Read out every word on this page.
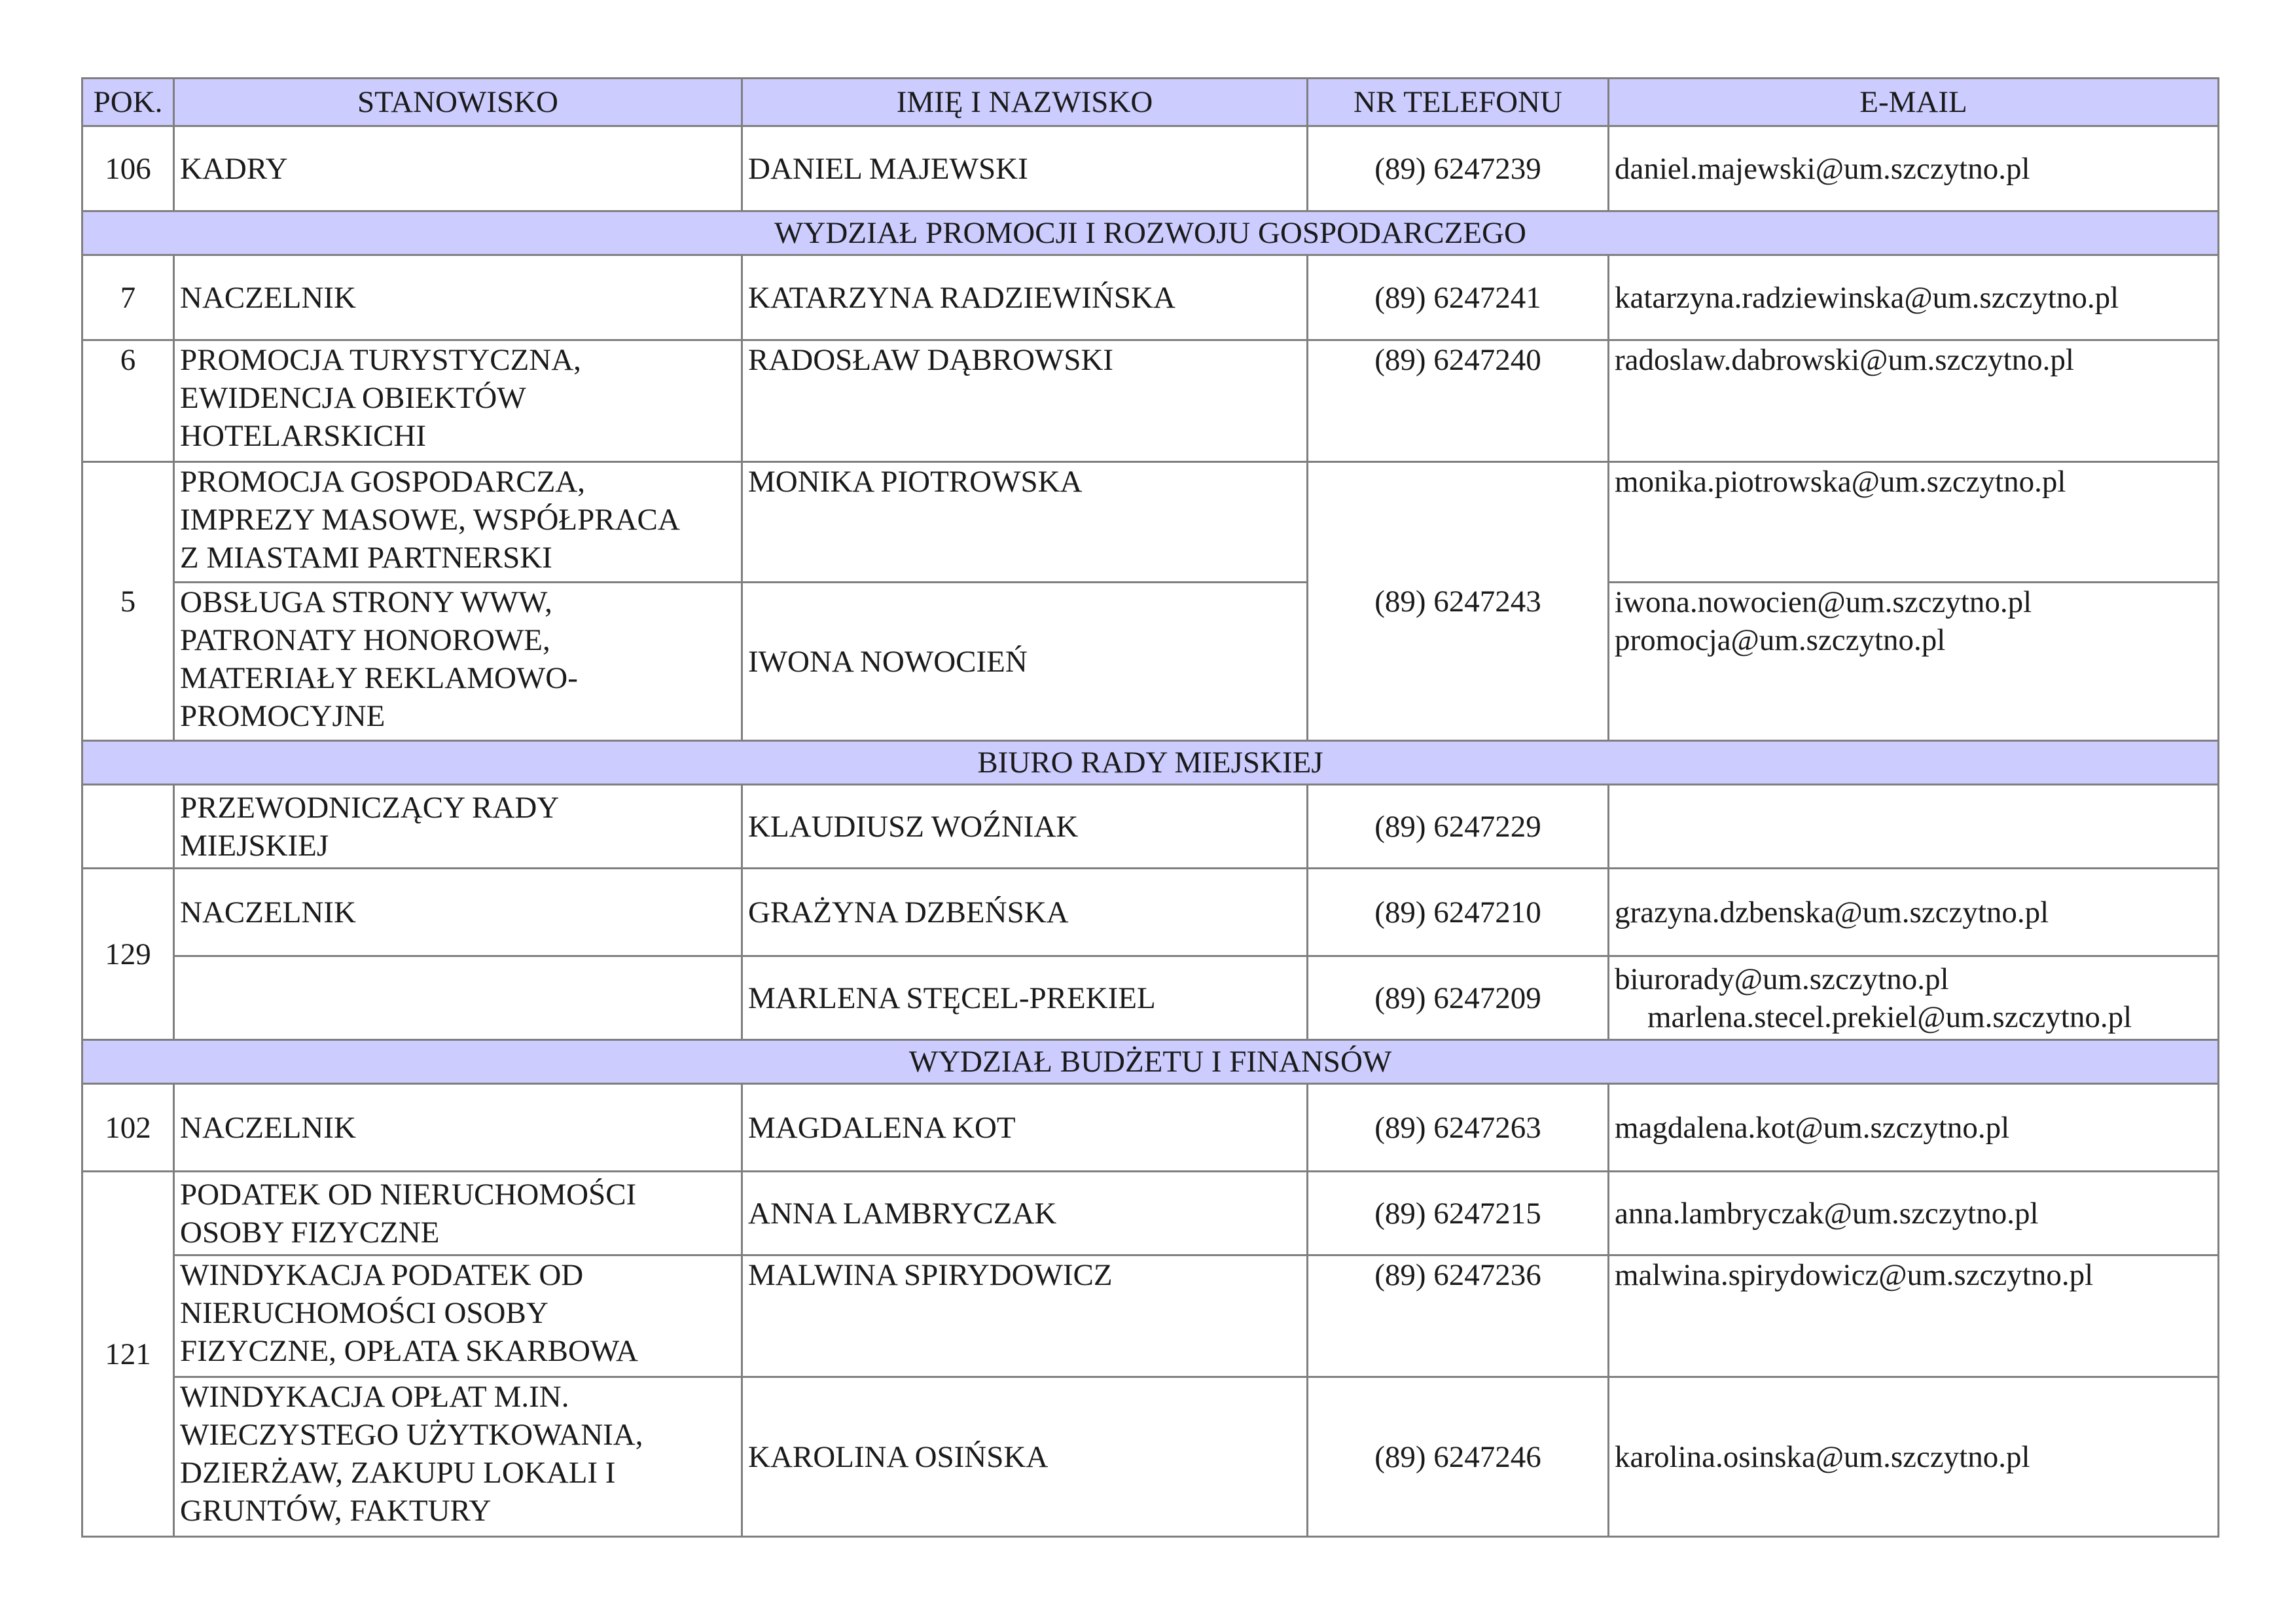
POK.	STANOWISKO	IMIĘ I NAZWISKO	NR TELEFONU	E-MAIL
106	KADRY	DANIEL MAJEWSKI	(89) 6247239	daniel.majewski@um.szczytno.pl
WYDZIAŁ PROMOCJI I ROZWOJU GOSPODARCZEGO				
7	NACZELNIK	KATARZYNA RADZIEWIŃSKA	(89) 6247241	katarzyna.radziewinska@um.szczytno.pl
6	PROMOCJA TURYSTYCZNA,
EWIDENCJA OBIEKTÓW
HOTELARSKICHI	RADOSŁAW DĄBROWSKI	(89) 6247240	radoslaw.dabrowski@um.szczytno.pl
5	PROMOCJA GOSPODARCZA,
IMPREZY MASOWE, WSPÓŁPRACA
Z MIASTAMI PARTNERSKI	MONIKA PIOTROWSKA	(89) 6247243	monika.piotrowska@um.szczytno.pl

	OBSŁUGA STRONY WWW,
PATRONATY HONOROWE,
MATERIAŁY REKLAMOWO-
PROMOCYJNE	IWONA NOWOCIEŃ		iwona.nowocien@um.szczytno.pl
promocja@um.szczytno.pl

BIURO RADY MIEJSKIEJ				

	PRZEWODNICZĄCY RADY
MIEJSKIEJ	KLAUDIUSZ WOŹNIAK	(89) 6247229	
129	NACZELNIK	GRAŻYNA DZBEŃSKA	(89) 6247210	grazyna.dzbenska@um.szczytno.pl
		MARLENA STĘCEL-PREKIEL	(89) 6247209	biurorady@um.szczytno.pl
marlena.stecel.prekiel@um.szczytno.pl

WYDZIAŁ BUDŻETU I FINANSÓW				
102	NACZELNIK	MAGDALENA KOT	(89) 6247263	magdalena.kot@um.szczytno.pl
121	PODATEK OD NIERUCHOMOŚCI
OSOBY FIZYCZNE	ANNA LAMBRYCZAK	(89) 6247215	anna.lambryczak@um.szczytno.pl

	WINDYKACJA PODATEK OD
NIERUCHOMOŚCI OSOBY
FIZYCZNE, OPŁATA SKARBOWA	MALWINA SPIRYDOWICZ	(89) 6247236	malwina.spirydowicz@um.szczytno.pl

	WINDYKACJA OPŁAT M.IN.
WIECZYSTEGO UŻYTKOWANIA,
DZIERŻAW, ZAKUPU LOKALI I
GRUNTÓW, FAKTURY	KAROLINA OSIŃSKA	(89) 6247246	karolina.osinska@um.szczytno.pl
